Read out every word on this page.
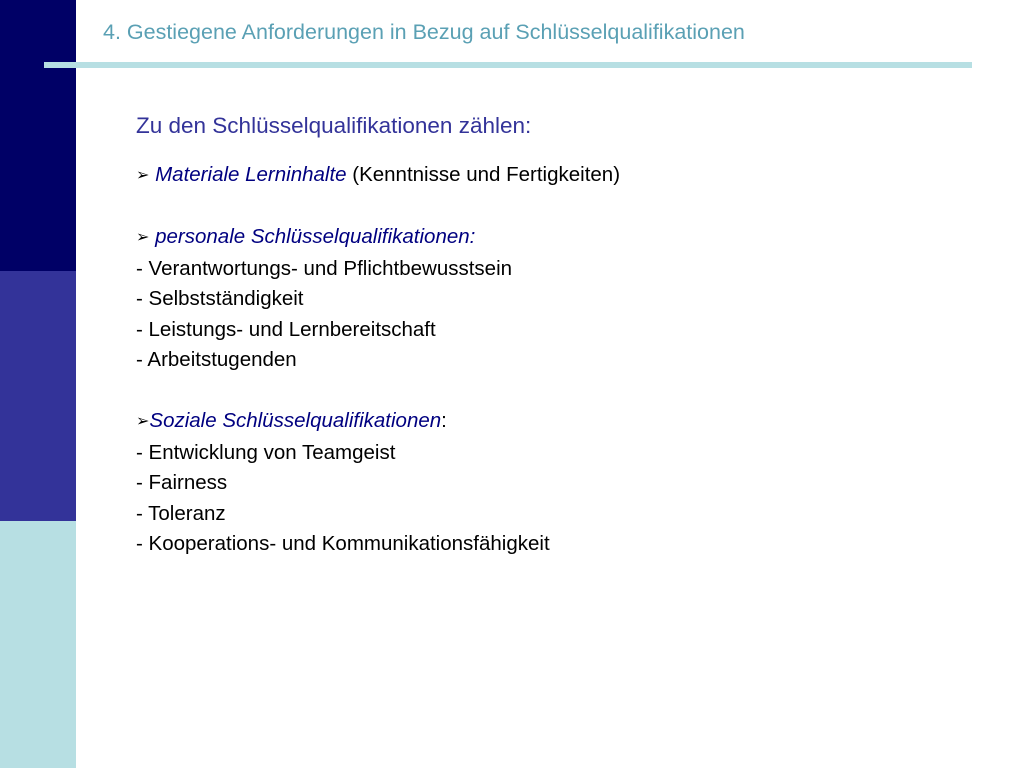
4. Gestiegene Anforderungen in Bezug auf Schlüsselqualifikationen
Zu den Schlüsselqualifikationen zählen:
➢ Materiale Lerninhalte (Kenntnisse und Fertigkeiten)
➢ personale Schlüsselqualifikationen:
- Verantwortungs- und Pflichtbewusstsein
- Selbstständigkeit
- Leistungs- und Lernbereitschaft
- Arbeitstugenden
➢Soziale Schlüsselqualifikationen:
- Entwicklung von Teamgeist
- Fairness
- Toleranz
- Kooperations- und Kommunikationsfähigkeit
